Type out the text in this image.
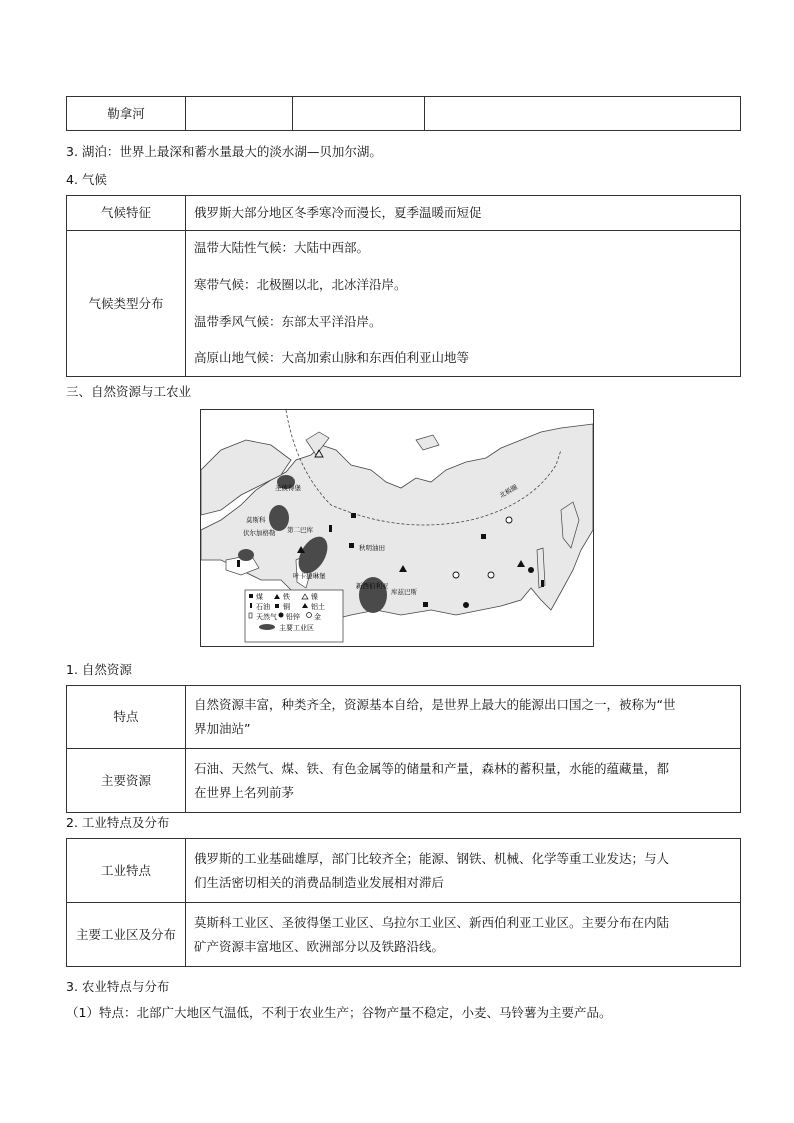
勒拿河			
3. 湖泊：世界上最深和蓄水量最大的淡水湖—贝加尔湖。
4. 气候
气候特征	俄罗斯大部分地区冬季寒冷而漫长，夏季温暖而短促
气候类型分布	温带大陆性气候：大陆中西部。

寒带气候：北极圈以北，北冰洋沿岸。

温带季风气候：东部太平洋沿岸。

高原山地气候：大高加索山脉和东西伯利亚山地等

三、自然资源与工农业
北极圈
圣彼得堡
莫斯科
第二巴库
秋明油田
伏尔加格勒
叶卡捷琳堡
新西伯利亚
库兹巴斯
煤	铁	镍
石油 铜	铝土
天然气 铅锌 金
主要工业区
1. 自然资源
特点	自然资源丰富，种类齐全，资源基本自给，是世界上最大的能源出口国之一，被称为“世
界加油站”

主要资源	石油、天然气、煤、铁、有色金属等的储量和产量，森林的蓄积量，水能的蕴藏量，都
在世界上名列前茅
2. 工业特点及分布
工业特点	俄罗斯的工业基础雄厚，部门比较齐全；能源、钢铁、机械、化学等重工业发达；与人
们生活密切相关的消费品制造业发展相对滞后

主要工业区及分布	莫斯科工业区、圣彼得堡工业区、乌拉尔工业区、新西伯利亚工业区。主要分布在内陆
矿产资源丰富地区、欧洲部分以及铁路沿线。
3. 农业特点与分布
（1）特点：北部广大地区气温低，不利于农业生产；谷物产量不稳定，小麦、马铃薯为主要产品。
